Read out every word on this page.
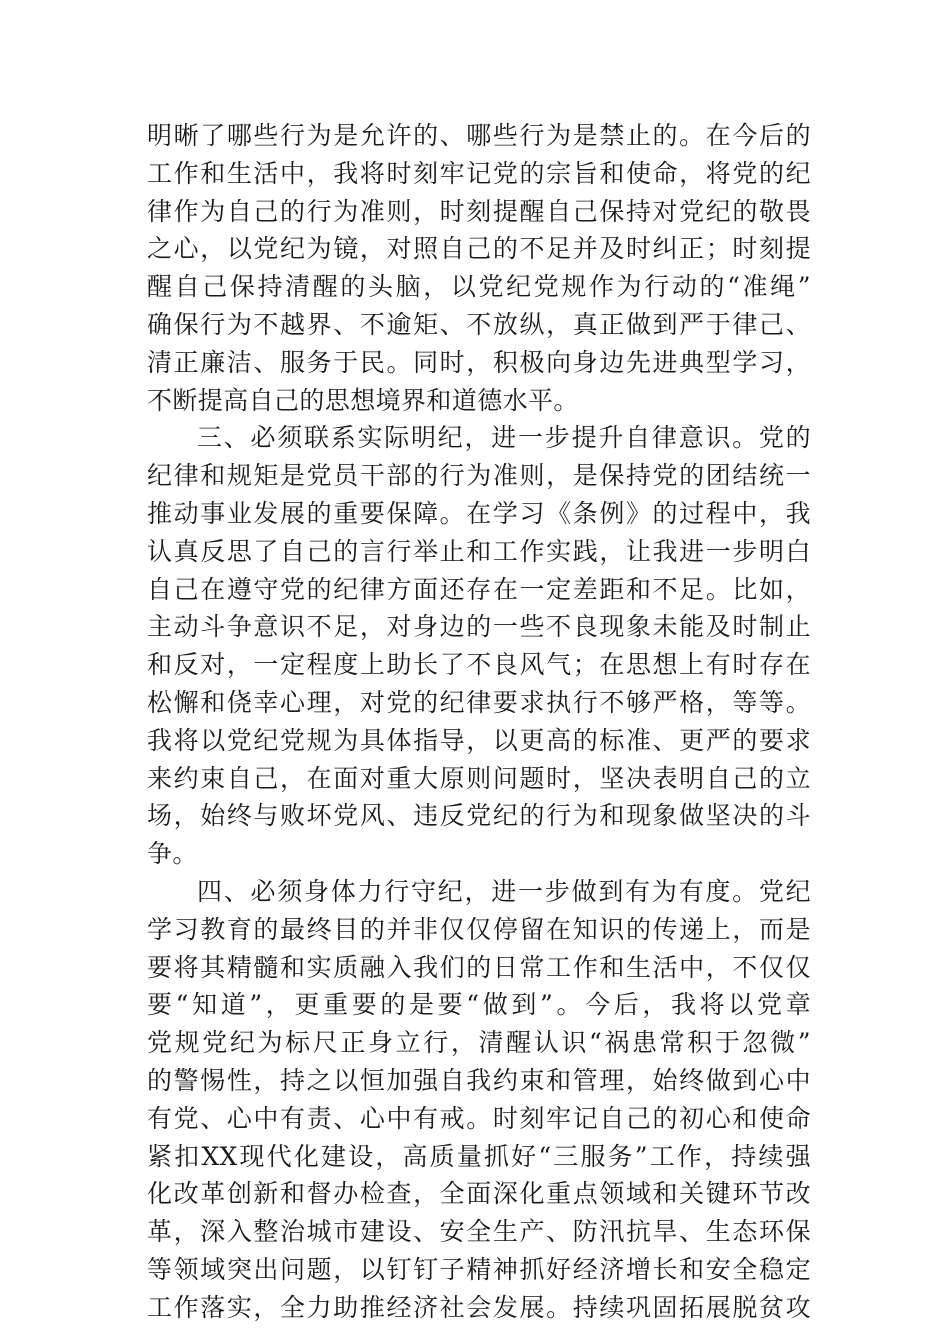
明晰了哪些行为是允许的、哪些行为是禁止的。在今后的
工作和生活中，我将时刻牢记党的宗旨和使命，将党的纪
律作为自己的行为准则，时刻提醒自己保持对党纪的敬畏
之心，以党纪为镜，对照自己的不足并及时纠正；时刻提
醒自己保持清醒的头脑，以党纪党规作为行动的“准绳”
确保行为不越界、不逾矩、不放纵，真正做到严于律己、
清正廉洁、服务于民。同时，积极向身边先进典型学习，
不断提高自己的思想境界和道德水平。
三、必须联系实际明纪，进一步提升自律意识。党的
纪律和规矩是党员干部的行为准则，是保持党的团结统一
推动事业发展的重要保障。在学习《条例》的过程中，我
认真反思了自己的言行举止和工作实践，让我进一步明白
自己在遵守党的纪律方面还存在一定差距和不足。比如，
主动斗争意识不足，对身边的一些不良现象未能及时制止
和反对，一定程度上助长了不良风气；在思想上有时存在
松懈和侥幸心理，对党的纪律要求执行不够严格，等等。
我将以党纪党规为具体指导，以更高的标准、更严的要求
来约束自己，在面对重大原则问题时，坚决表明自己的立
场，始终与败坏党风、违反党纪的行为和现象做坚决的斗
争。
四、必须身体力行守纪，进一步做到有为有度。党纪
学习教育的最终目的并非仅仅停留在知识的传递上，而是
要将其精髓和实质融入我们的日常工作和生活中，不仅仅
要“知道”，更重要的是要“做到”。今后，我将以党章
党规党纪为标尺正身立行，清醒认识“祸患常积于忽微”
的警惕性，持之以恒加强自我约束和管理，始终做到心中
有党、心中有责、心中有戒。时刻牢记自己的初心和使命
紧扣XX现代化建设，高质量抓好“三服务”工作，持续强
化改革创新和督办检查，全面深化重点领域和关键环节改
革，深入整治城市建设、安全生产、防汛抗旱、生态环保
等领域突出问题，以钉钉子精神抓好经济增长和安全稳定
工作落实，全力助推经济社会发展。持续巩固拓展脱贫攻
